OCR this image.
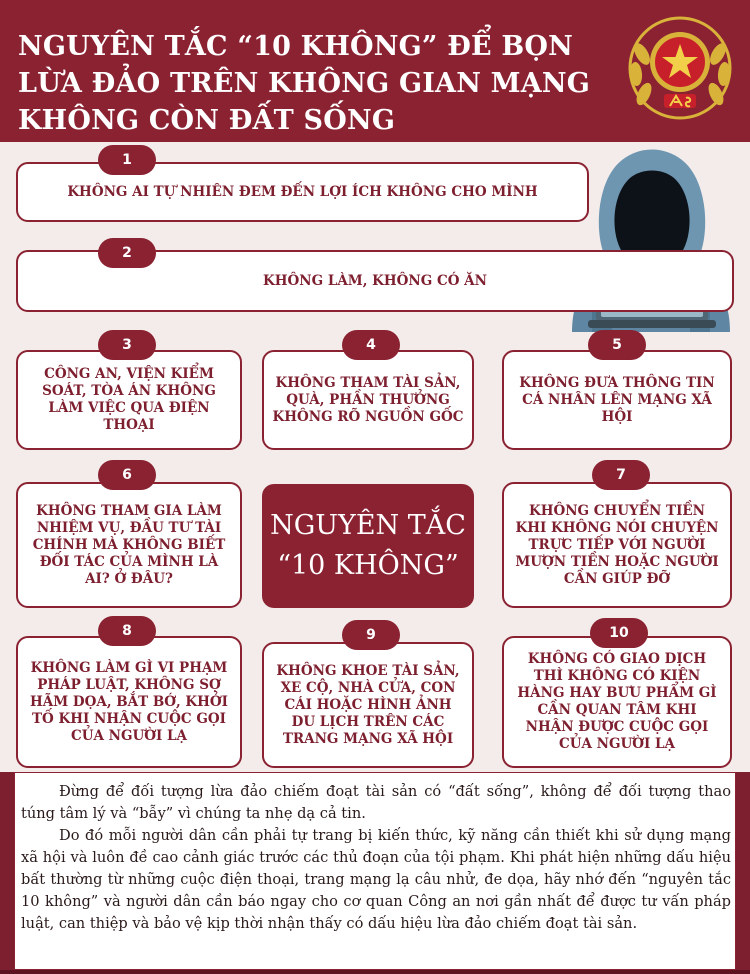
NGUYÊN TẮC “10 KHÔNG” ĐỂ BỌN
LỪA ĐẢO TRÊN KHÔNG GIAN MẠNG
KHÔNG CÒN ĐẤT SỐNG
KHÔNG AI TỰ NHIÊN ĐEM ĐẾN LỢI ÍCH KHÔNG CHO MÌNH
1
KHÔNG LÀM, KHÔNG CÓ ĂN
2
CÔNG AN, VIỆN KIỂM SOÁT, TÒA ÁN KHÔNG LÀM VIỆC QUA ĐIỆN THOẠI
3
KHÔNG THAM TÀI SẢN, QUÀ, PHẦN THƯỞNG KHÔNG RÕ NGUỒN GỐC
4
KHÔNG ĐƯA THÔNG TIN CÁ NHÂN LÊN MẠNG XÃ HỘI
5
KHÔNG THAM GIA LÀM NHIỆM VỤ, ĐẦU TƯ TÀI CHÍNH MÀ KHÔNG BIẾT ĐỐI TÁC CỦA MÌNH LÀ AI? Ở ĐÂU?
6
NGUYÊN TẮC
“10 KHÔNG”
KHÔNG CHUYỂN TIỀN KHI KHÔNG NÓI CHUYỆN TRỰC TIẾP VỚI NGƯỜI MƯỢN TIỀN HOẶC NGƯỜI CẦN GIÚP ĐỠ
7
KHÔNG LÀM GÌ VI PHẠM PHÁP LUẬT, KHÔNG SỢ HÃM DỌA, BẮT BỚ, KHỞI TỐ KHI NHẬN CUỘC GỌI CỦA NGƯỜI LẠ
8
KHÔNG KHOE TÀI SẢN, XE CỘ, NHÀ CỬA, CON CÁI HOẶC HÌNH ẢNH DU LỊCH TRÊN CÁC TRANG MẠNG XÃ HỘI
9
KHÔNG CÓ GIAO DỊCH THÌ KHÔNG CÓ KIỆN HÀNG HAY BƯU PHẨM GÌ CẦN QUAN TÂM KHI NHẬN ĐƯỢC CUỘC GỌI CỦA NGƯỜI LẠ
10

Đừng để đối tượng lừa đảo chiếm đoạt tài sản có “đất sống”, không để đối tượng thao túng tâm lý và “bẫy” vì chúng ta nhẹ dạ cả tin.

Do đó mỗi người dân cần phải tự trang bị kiến thức, kỹ năng cần thiết khi sử dụng mạng xã hội và luôn đề cao cảnh giác trước các thủ đoạn của tội phạm. Khi phát hiện những dấu hiệu bất thường từ những cuộc điện thoại, trang mạng lạ câu nhử, đe dọa, hãy nhớ đến “nguyên tắc 10 không” và người dân cần báo ngay cho cơ quan Công an nơi gần nhất để được tư vấn pháp luật, can thiệp và bảo vệ kịp thời nhận thấy có dấu hiệu lừa đảo chiếm đoạt tài sản.
